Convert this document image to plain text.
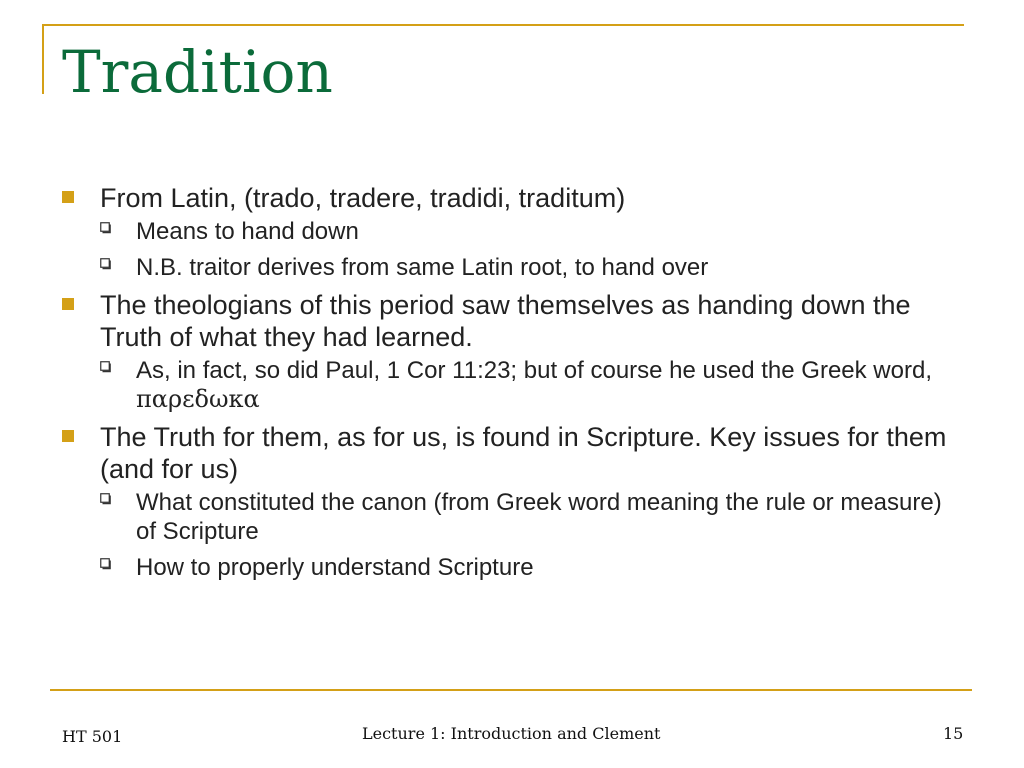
Tradition
From Latin, (trado, tradere, tradidi, traditum)
Means to hand down
N.B. traitor derives from same Latin root, to hand over
The theologians of this period saw themselves as handing down the Truth of what they had learned.
As, in fact, so did Paul, 1 Cor 11:23; but of course he used the Greek word, παρεδωκα
The Truth for them, as for us, is found in Scripture. Key issues for them (and for us)
What constituted the canon (from Greek word meaning the rule or measure) of Scripture
How to properly understand Scripture
HT 501	Lecture 1: Introduction and Clement	15
